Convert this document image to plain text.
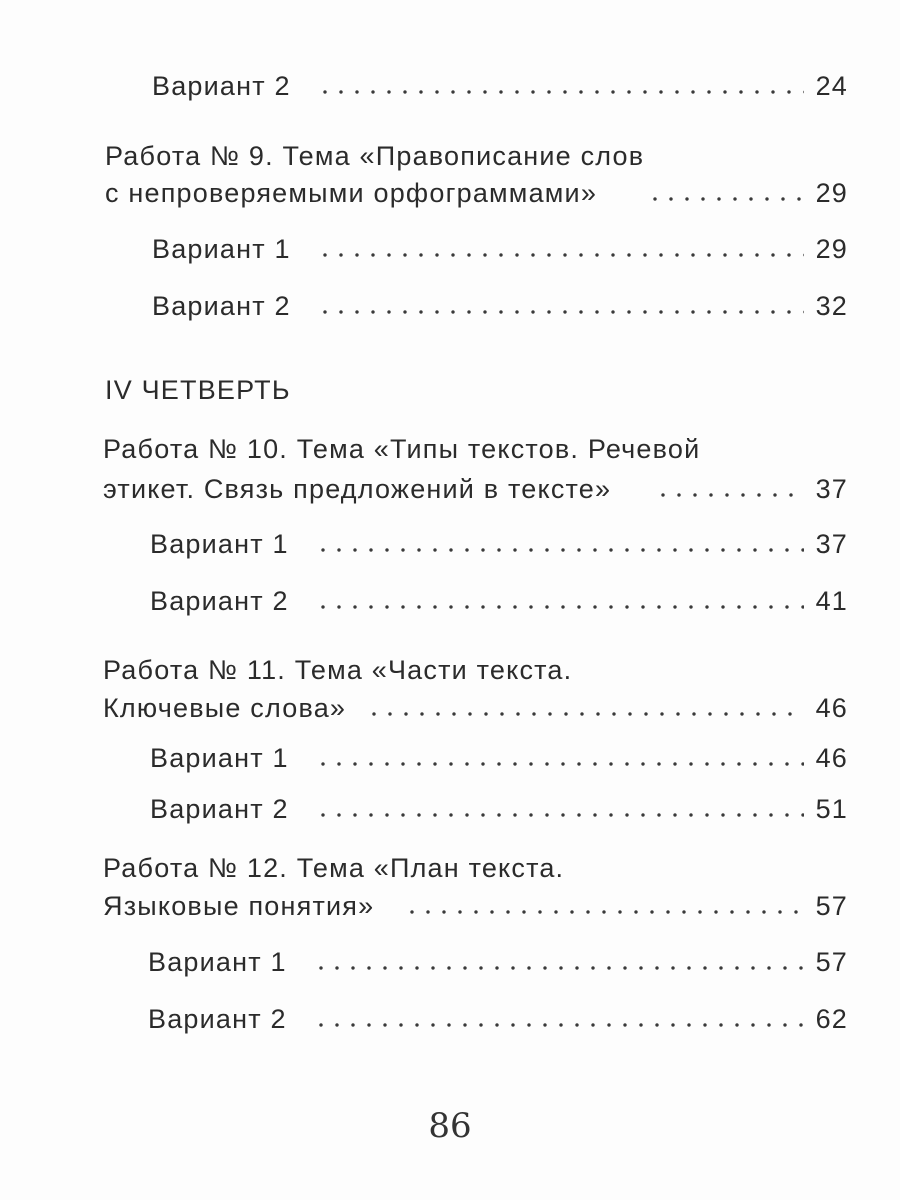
Вариант 2	24
Работа № 9. Тема «Правописание слов
с непроверяемыми орфограммами»	29
Вариант 1	29
Вариант 2	32
IV ЧЕТВЕРТЬ
Работа № 10. Тема «Типы текстов. Речевой
этикет. Связь предложений в тексте»	37
Вариант 1	37
Вариант 2	41
Работа № 11. Тема «Части текста.
Ключевые слова»	46
Вариант 1	46
Вариант 2	51
Работа № 12. Тема «План текста.
Языковые понятия»	57
Вариант 1	57
Вариант 2	62
86
